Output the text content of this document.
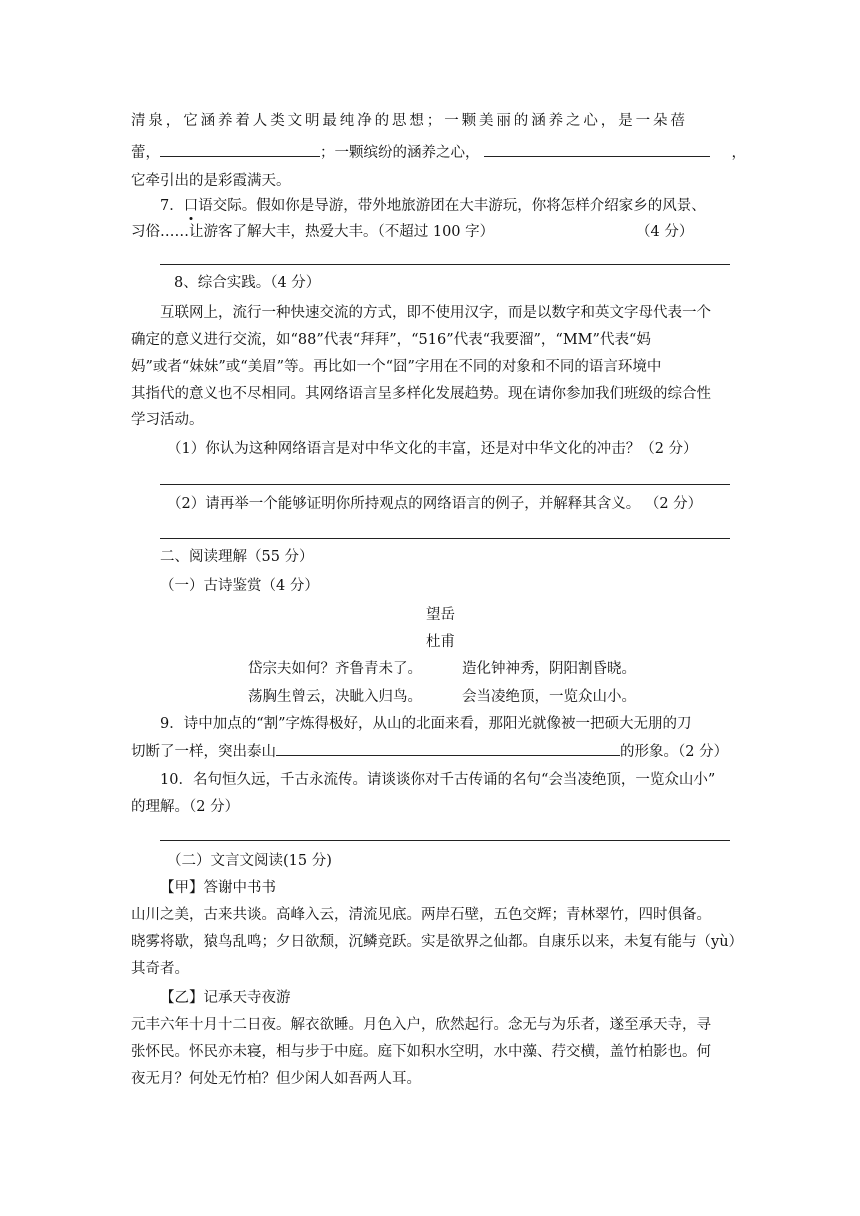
清泉，它涵养着人类文明最纯净的思想；一颗美丽的涵养之心，是一朵蓓
蕾，	；一颗缤纷的涵养之心，	，
它牵引出的是彩霞满天。
7．口语交际。假如你是导游，带外地旅游团在大丰游玩，你将怎样介绍家乡的风景、
习俗……让游客了解大丰，热爱大丰。（不超过 100 字）	（4 分）
8、综合实践。（4 分）
互联网上，流行一种快速交流的方式，即不使用汉字，而是以数字和英文字母代表一个
确定的意义进行交流，如“88”代表“拜拜”，“516”代表“我要溜”，“MM”代表“妈
妈”或者“妹妹”或“美眉”等。再比如一个“囧”字用在不同的对象和不同的语言环境中
其指代的意义也不尽相同。其网络语言呈多样化发展趋势。现在请你参加我们班级的综合性
学习活动。
（1）你认为这种网络语言是对中华文化的丰富，还是对中华文化的冲击？（2 分）
（2）请再举一个能够证明你所持观点的网络语言的例子，并解释其含义。 （2 分）
二、阅读理解（55 分）
（一）古诗鉴赏（4 分）
望岳
杜甫
岱宗夫如何？齐鲁青未了。	造化钟神秀，阴阳割昏晓。
荡胸生曾云，决眦入归鸟。	会当凌绝顶，一览众山小。
9．诗中加点的“割”字炼得极好，从山的北面来看，那阳光就像被一把硕大无朋的刀
切断了一样，突出泰山	的形象。（2 分）
10．名句恒久远，千古永流传。请谈谈你对千古传诵的名句“会当凌绝顶，一览众山小”
的理解。（2 分）
（二）文言文阅读(15 分)
【甲】答谢中书书
山川之美，古来共谈。高峰入云，清流见底。两岸石壁，五色交辉；青林翠竹，四时俱备。
晓雾将歇，猿鸟乱鸣；夕日欲颓，沉鳞竞跃。实是欲界之仙都。自康乐以来，未复有能与（yù）
其奇者。
【乙】记承天寺夜游
元丰六年十月十二日夜。解衣欲睡。月色入户，欣然起行。念无与为乐者，遂至承天寺，寻
张怀民。怀民亦未寝，相与步于中庭。庭下如积水空明，水中藻、荇交横，盖竹柏影也。何
夜无月？何处无竹柏？但少闲人如吾两人耳。
